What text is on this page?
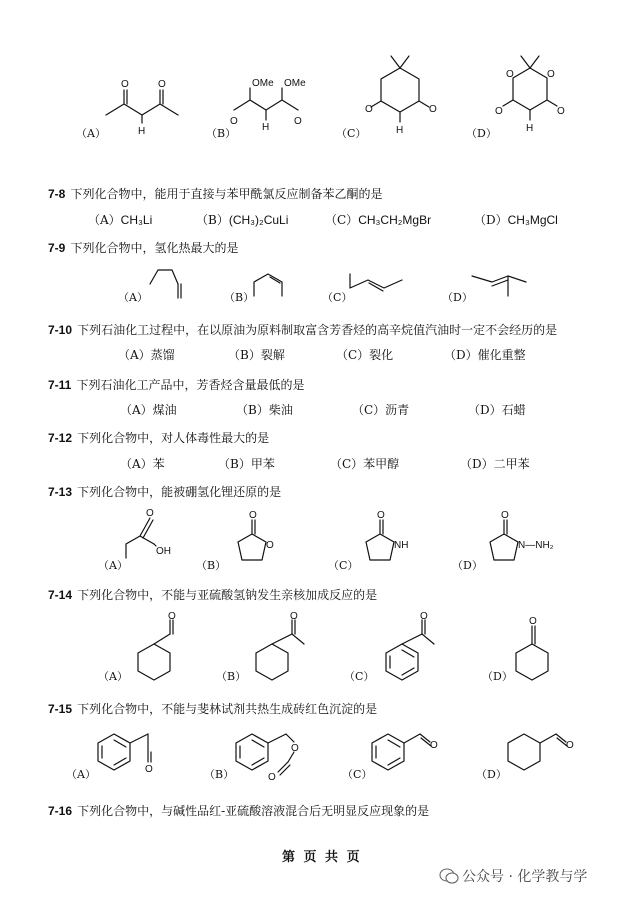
（A）
O	O
H	（B）
O	O
OMe OMe
H	（C）
O	O
H	（D）
O	O
O	O
H
7-8 下列化合物中，能用于直接与苯甲酰氯反应制备苯乙酮的是
（A）CH₃Li	（B）(CH₃)₂CuLi	（C）CH₃CH₂MgBr	（D）CH₃MgCl
7-9 下列化合物中，氢化热最大的是
（A）	（B）	（C）	（D）
7-10 下列石油化工过程中，在以原油为原料制取富含芳香烃的高辛烷值汽油时一定不会经历的是
（A）蒸馏	（B）裂解	（C）裂化	（D）催化重整
7-11 下列石油化工产品中，芳香烃含量最低的是
（A）煤油	（B）柴油	（C）沥青	（D）石蜡
7-12 下列化合物中，对人体毒性最大的是
（A）苯	（B）甲苯	（C）苯甲醇	（D）二甲苯
7-13 下列化合物中，能被硼氢化锂还原的是
（A）
O
OH
（B）
O
O
（C）
O
NH
（D）
O
N—NH₂
7-14 下列化合物中，不能与亚硫酸氢钠发生亲核加成反应的是
（A）
O
（B）
O
（C）
O
（D）
O
7-15 下列化合物中，不能与斐林试剂共热生成砖红色沉淀的是
（A）	O	（B）
O
O	（C）
O
（D）
O
7-16 下列化合物中，与碱性品红-亚硫酸溶液混合后无明显反应现象的是
第 页 共 页
公众号 · 化学教与学
